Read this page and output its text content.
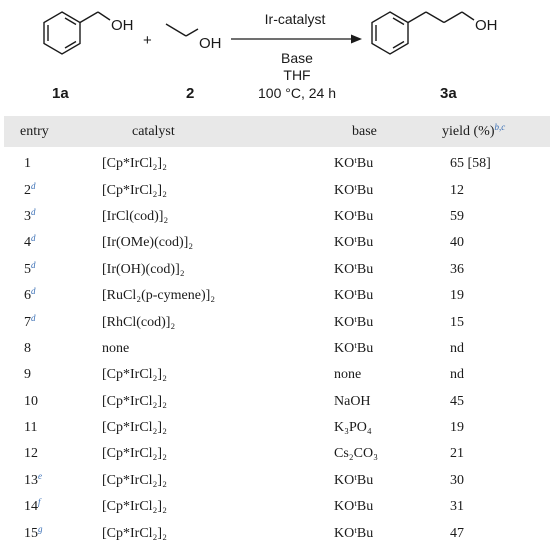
OH
+
1a
OH
2
Ir-catalyst
Base
THF
100 °C, 24 h
OH
3a
entry	catalyst	base	yield (%)$^{b,c}$
1	[Cp*IrCl₂]₂	KOᵗBu	65 [58]
2$^d$	[Cp*IrCl₂]₂	KOᵗBu	12
3$^d$	[IrCl(cod)]₂	KOᵗBu	59
4$^d$	[Ir(OMe)(cod)]₂	KOᵗBu	40
5$^d$	[Ir(OH)(cod)]₂	KOᵗBu	36
6$^d$	[RuCl₂(p-cymene)]₂	KOᵗBu	19
7$^d$	[RhCl(cod)]₂	KOᵗBu	15
8	none	KOᵗBu	nd
9	[Cp*IrCl₂]₂	none	nd
10	[Cp*IrCl₂]₂	NaOH	45
11	[Cp*IrCl₂]₂	K₃PO₄	19
12	[Cp*IrCl₂]₂	Cs₂CO₃	21
13e	[Cp*IrCl₂]₂	KOᵗBu	30
14$^f$	[Cp*IrCl₂]₂	KOᵗBu	31
15$^g$	[Cp*IrCl₂]₂	KOᵗBu	47
